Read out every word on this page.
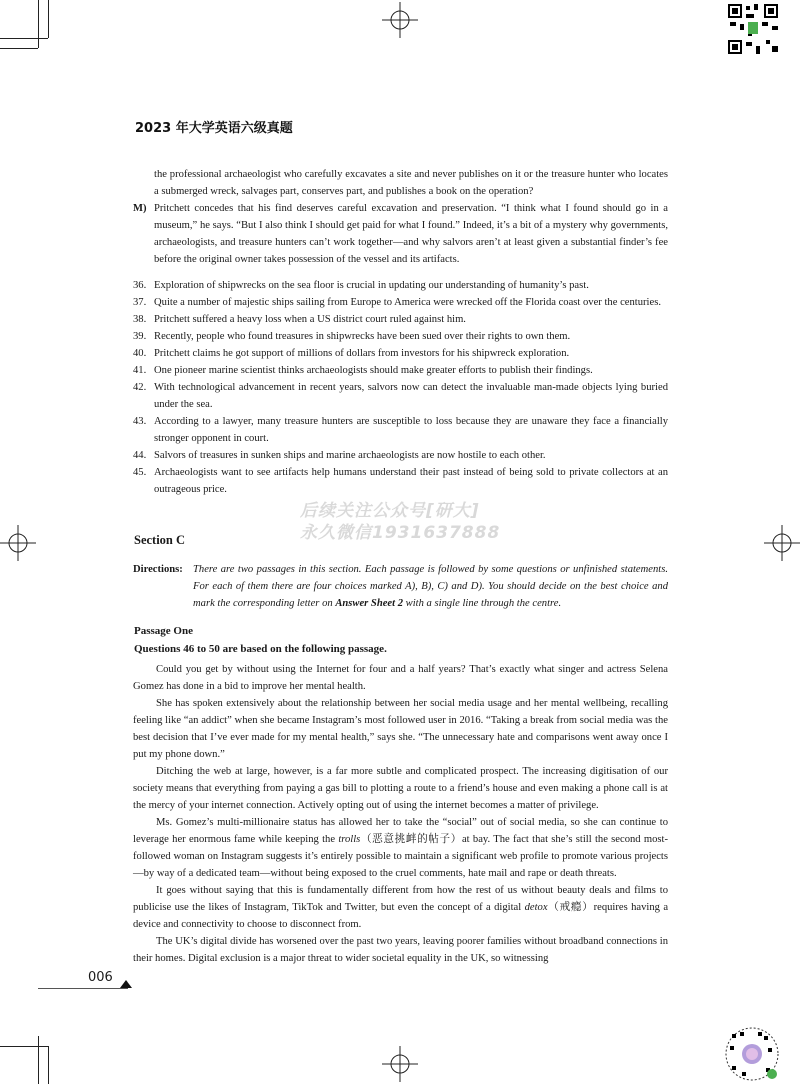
2023 年大学英语六级真题

the professional archaeologist who carefully excavates a site and never publishes on it or the treasure hunter who locates a submerged wreck, salvages part, conserves part, and publishes a book on the operation?

M) Pritchett concedes that his find deserves careful excavation and preservation. “I think what I found should go in a museum,” he says. “But I also think I should get paid for what I found.” Indeed, it’s a bit of a mystery why governments, archaeologists, and treasure hunters can’t work together—and why salvors aren’t at least given a substantial finder’s fee before the original owner takes possession of the vessel and its artifacts.
36. Exploration of shipwrecks on the sea floor is crucial in updating our understanding of humanity’s past.
37. Quite a number of majestic ships sailing from Europe to America were wrecked off the Florida coast over the centuries.
38. Pritchett suffered a heavy loss when a US district court ruled against him.
39. Recently, people who found treasures in shipwrecks have been sued over their rights to own them.
40. Pritchett claims he got support of millions of dollars from investors for his shipwreck exploration.
41. One pioneer marine scientist thinks archaeologists should make greater efforts to publish their findings.
42. With technological advancement in recent years, salvors now can detect the invaluable man-made objects lying buried under the sea.
43. According to a lawyer, many treasure hunters are susceptible to loss because they are unaware they face a financially stronger opponent in court.
44. Salvors of treasures in sunken ships and marine archaeologists are now hostile to each other.
45. Archaeologists want to see artifacts help humans understand their past instead of being sold to private collectors at an outrageous price.
后续关注公众号[研大]
永久微信1931637888
Section C
Directions: There are two passages in this section. Each passage is followed by some questions or unfinished statements. For each of them there are four choices marked A), B), C) and D). You should decide on the best choice and mark the corresponding letter on Answer Sheet 2 with a single line through the centre.
Passage One
Questions 46 to 50 are based on the following passage.

Could you get by without using the Internet for four and a half years? That’s exactly what singer and actress Selena Gomez has done in a bid to improve her mental health.

She has spoken extensively about the relationship between her social media usage and her mental wellbeing, recalling feeling like “an addict” when she became Instagram’s most followed user in 2016. “Taking a break from social media was the best decision that I’ve ever made for my mental health,” says she. “The unnecessary hate and comparisons went away once I put my phone down.”

Ditching the web at large, however, is a far more subtle and complicated prospect. The increasing digitisation of our society means that everything from paying a gas bill to plotting a route to a friend’s house and even making a phone call is at the mercy of your internet connection. Actively opting out of using the internet becomes a matter of privilege.

Ms. Gomez’s multi-millionaire status has allowed her to take the “social” out of social media, so she can continue to leverage her enormous fame while keeping the trolls（恶意挑衅的帖子）at bay. The fact that she’s still the second most-followed woman on Instagram suggests it’s entirely possible to maintain a significant web profile to promote various projects—by way of a dedicated team—without being exposed to the cruel comments, hate mail and rape or death threats.

It goes without saying that this is fundamentally different from how the rest of us without beauty deals and films to publicise use the likes of Instagram, TikTok and Twitter, but even the concept of a digital detox（戒瘾）requires having a device and connectivity to choose to disconnect from.

The UK’s digital divide has worsened over the past two years, leaving poorer families without broadband connections in their homes. Digital exclusion is a major threat to wider societal equality in the UK, so witnessing

006
